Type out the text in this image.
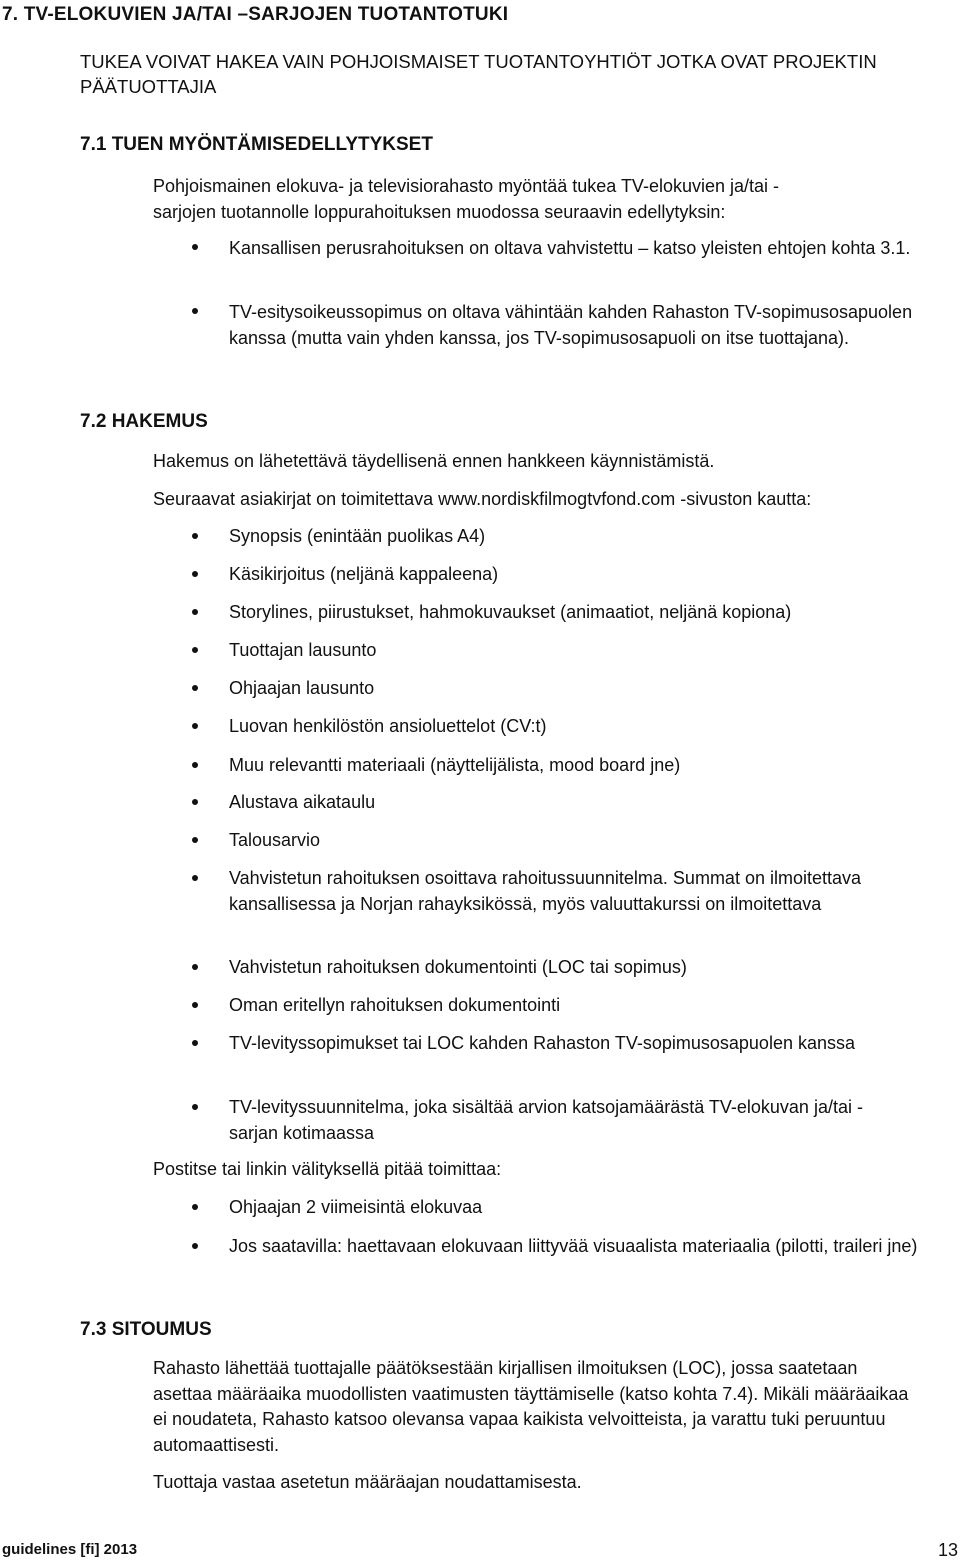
7. TV-ELOKUVIEN JA/TAI –SARJOJEN TUOTANTOTUKI
TUKEA VOIVAT HAKEA VAIN POHJOISMAISET TUOTANTOYHTIÖT JOTKA OVAT PROJEKTIN PÄÄTUOTTAJIA
7.1 TUEN MYÖNTÄMISEDELLYTYKSET
Pohjoismainen elokuva- ja televisiorahasto myöntää tukea TV-elokuvien ja/tai - sarjojen tuotannolle loppurahoituksen muodossa seuraavin edellytyksin:
Kansallisen perusrahoituksen on oltava vahvistettu – katso yleisten ehtojen kohta 3.1.
TV-esitysoikeussopimus on oltava vähintään kahden Rahaston TV-sopimusosapuolen kanssa (mutta vain yhden kanssa, jos TV-sopimusosapuoli on itse tuottajana).
7.2 HAKEMUS
Hakemus on lähetettävä täydellisenä ennen hankkeen käynnistämistä.
Seuraavat asiakirjat on toimitettava www.nordiskfilmogtvfond.com -sivuston kautta:
Synopsis (enintään puolikas A4)
Käsikirjoitus (neljänä kappaleena)
Storylines, piirustukset, hahmokuvaukset (animaatiot, neljänä kopiona)
Tuottajan lausunto
Ohjaajan lausunto
Luovan henkilöstön ansioluettelot (CV:t)
Muu relevantti materiaali (näyttelijälista, mood board jne)
Alustava aikataulu
Talousarvio
Vahvistetun rahoituksen osoittava rahoitussuunnitelma. Summat on ilmoitettava kansallisessa ja Norjan rahayksikössä, myös valuuttakurssi on ilmoitettava
Vahvistetun rahoituksen dokumentointi (LOC tai sopimus)
Oman eritellyn rahoituksen dokumentointi
TV-levityssopimukset tai LOC kahden Rahaston TV-sopimusosapuolen kanssa
TV-levityssuunnitelma, joka sisältää arvion katsojamäärästä TV-elokuvan ja/tai -sarjan kotimaassa
Postitse tai linkin välityksellä pitää toimittaa:
Ohjaajan 2 viimeisintä elokuvaa
Jos saatavilla: haettavaan elokuvaan liittyvää visuaalista materiaalia (pilotti, traileri jne)
7.3 SITOUMUS
Rahasto lähettää tuottajalle päätöksestään kirjallisen ilmoituksen (LOC), jossa saatetaan asettaa määräaika muodollisten vaatimusten täyttämiselle (katso kohta 7.4). Mikäli määräaikaa ei noudateta, Rahasto katsoo olevansa vapaa kaikista velvoitteista, ja varattu tuki peruuntuu automaattisesti.
Tuottaja vastaa asetetun määräajan noudattamisesta.
guidelines [fi] 2013	13
